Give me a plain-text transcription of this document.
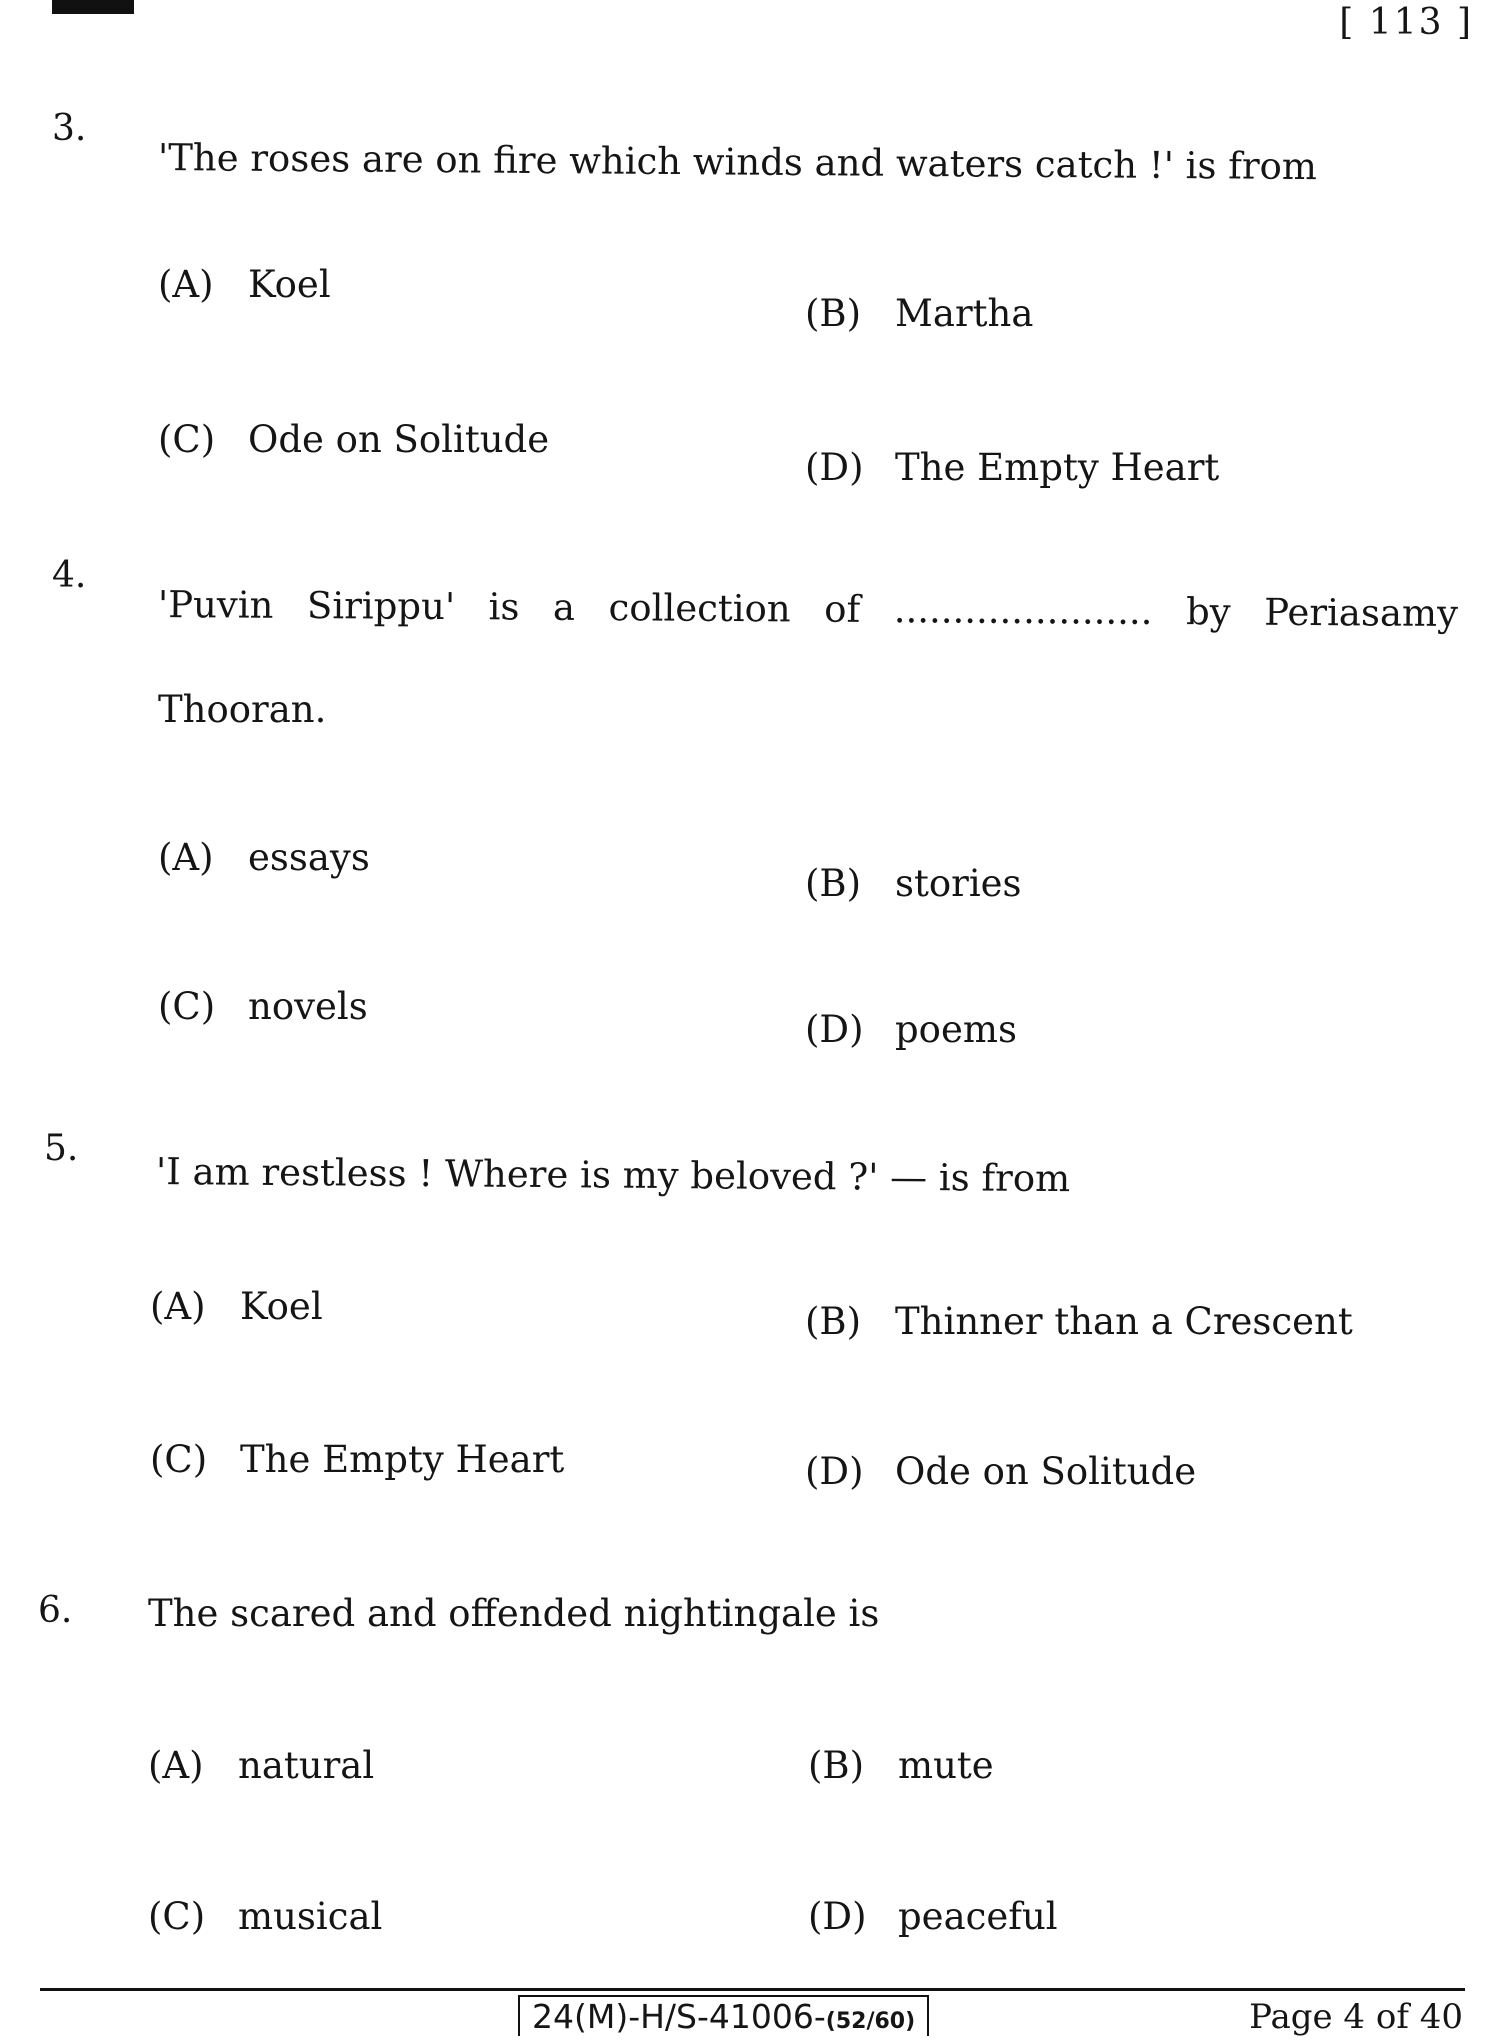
[ 113 ]
3.
'The roses are on fire which winds and waters catch !' is from
(A) Koel
(B) Martha
(C) Ode on Solitude
(D) The Empty Heart
4.
'Puvin Sirippu' is a collection of ...................... by Periasamy
Thooran.
(A) essays
(B) stories
(C) novels
(D) poems
5.
'I am restless ! Where is my beloved ?' — is from
(A) Koel	(B) Thinner than a Crescent
(C) The Empty Heart	(D) Ode on Solitude
6. The scared and offended nightingale is
(A) natural	(B) mute
(C) musical	(D) peaceful
24(M)-H/S-41006-(52/60)	Page 4 of 40
